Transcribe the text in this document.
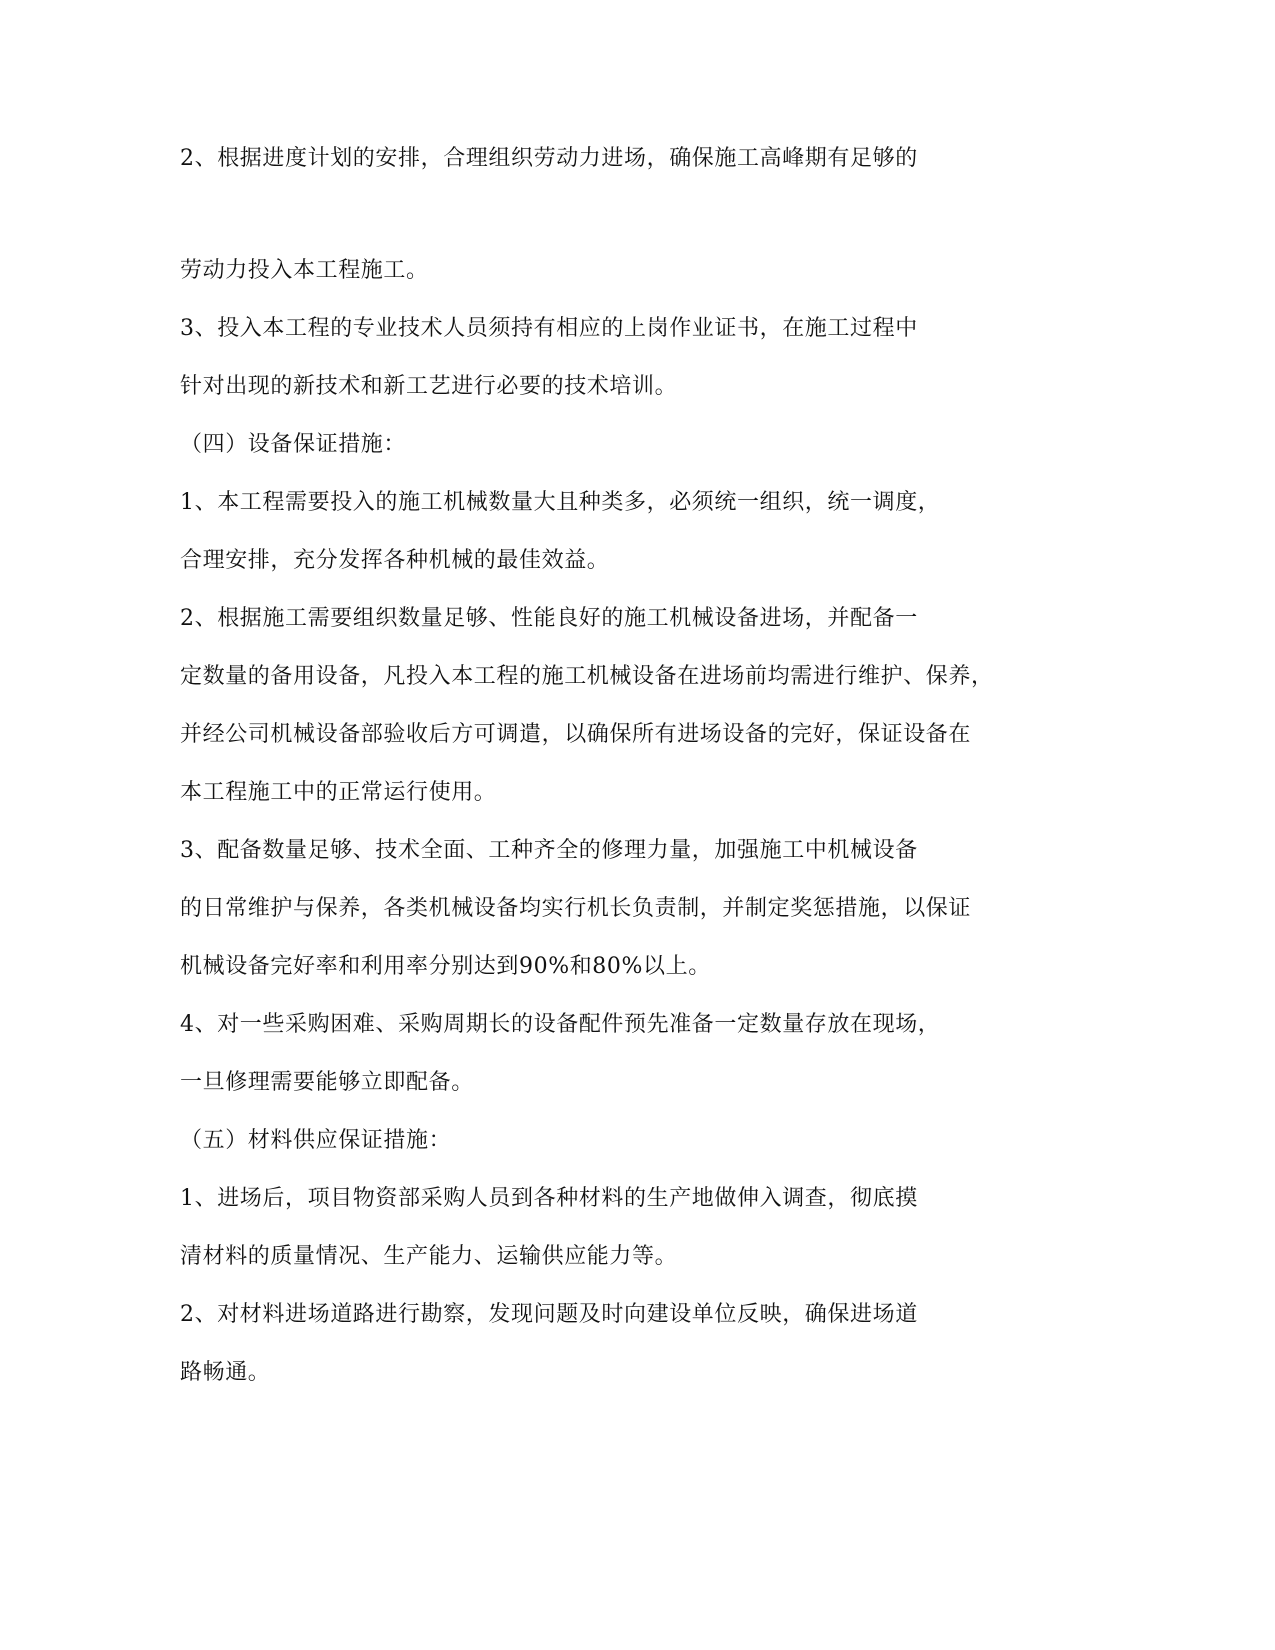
2、根据进度计划的安排，合理组织劳动力进场，确保施工高峰期有足够的
劳动力投入本工程施工。
3、投入本工程的专业技术人员须持有相应的上岗作业证书，在施工过程中
针对出现的新技术和新工艺进行必要的技术培训。
（四）设备保证措施：
1、本工程需要投入的施工机械数量大且种类多，必须统一组织，统一调度，
合理安排，充分发挥各种机械的最佳效益。
2、根据施工需要组织数量足够、性能良好的施工机械设备进场，并配备一
定数量的备用设备，凡投入本工程的施工机械设备在进场前均需进行维护、保养，
并经公司机械设备部验收后方可调遣，以确保所有进场设备的完好，保证设备在
本工程施工中的正常运行使用。
3、配备数量足够、技术全面、工种齐全的修理力量，加强施工中机械设备
的日常维护与保养，各类机械设备均实行机长负责制，并制定奖惩措施，以保证
机械设备完好率和利用率分别达到90%和80%以上。
4、对一些采购困难、采购周期长的设备配件预先准备一定数量存放在现场，
一旦修理需要能够立即配备。
（五）材料供应保证措施：
1、进场后，项目物资部采购人员到各种材料的生产地做伸入调查，彻底摸
清材料的质量情况、生产能力、运输供应能力等。
2、对材料进场道路进行勘察，发现问题及时向建设单位反映，确保进场道
路畅通。
